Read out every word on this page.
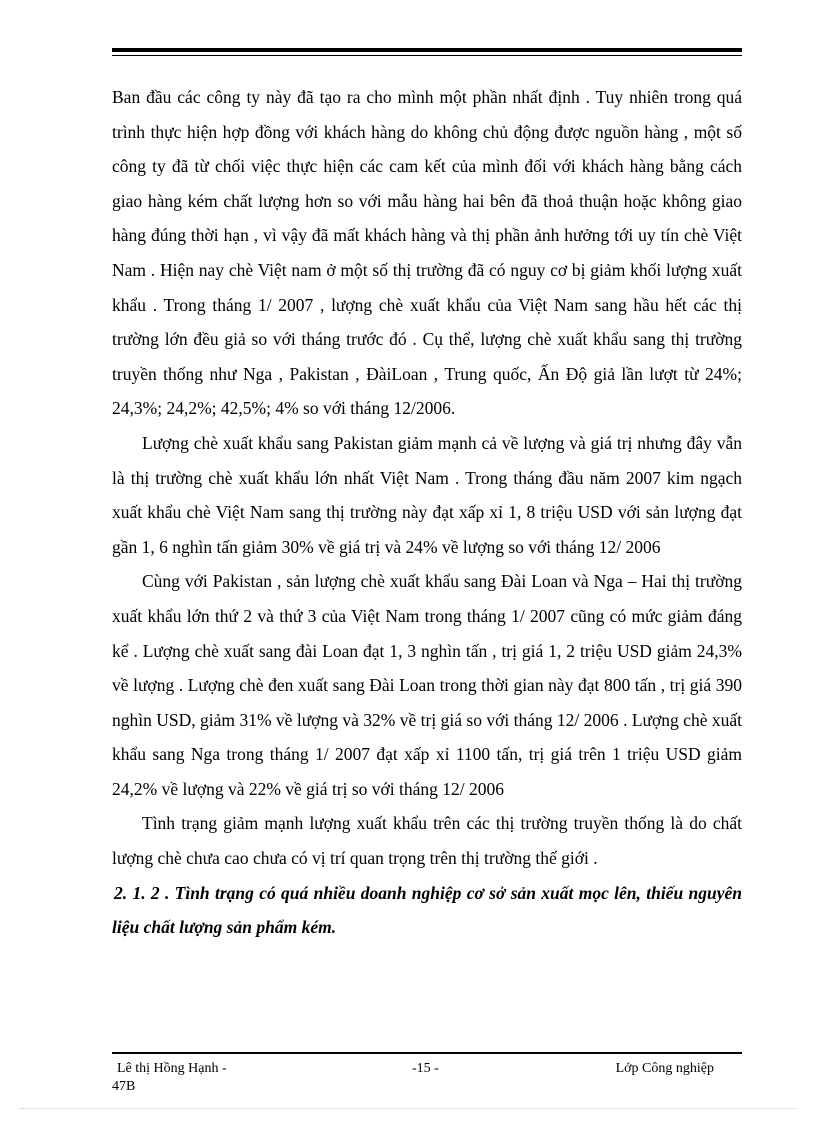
Ban đầu các công ty này đã tạo ra cho mình một phần nhất định . Tuy nhiên trong quá trình thực hiện hợp đồng với khách hàng do không chủ động được nguồn hàng , một số công ty đã từ chối việc thực hiện các cam kết của mình đối với khách hàng bằng cách giao hàng kém chất lượng hơn so với mẫu hàng hai bên đã thoả thuận hoặc không giao hàng đúng thời hạn , vì vậy đã mất khách hàng và thị phần ảnh hưởng tới uy tín chè Việt Nam . Hiện nay chè Việt nam ở một số thị trường đã có nguy cơ bị giảm khối lượng xuất khẩu . Trong tháng 1/ 2007 , lượng chè xuất khẩu của Việt Nam sang hầu hết các thị trường lớn đều giả so với tháng trước đó . Cụ thể, lượng chè xuất khẩu sang thị trường truyền thống như Nga , Pakistan , ĐàiLoan , Trung quốc, Ấn Độ giả lần lượt từ 24%; 24,3%; 24,2%; 42,5%; 4% so với tháng 12/2006.

Lượng chè xuất khẩu sang Pakistan giảm mạnh cả về lượng và giá trị nhưng đây vẫn là thị trường chè xuất khẩu lớn nhất Việt Nam . Trong tháng đầu năm 2007 kim ngạch xuất khẩu chè Việt Nam sang thị trường này đạt xấp xỉ 1, 8 triệu USD với sản lượng đạt gần 1, 6 nghìn tấn giảm 30% về giá trị và 24% về lượng so với tháng 12/ 2006

Cùng với Pakistan , sản lượng chè xuất khẩu sang Đài Loan và Nga – Hai thị trường xuất khẩu lớn thứ 2 và thứ 3 của Việt Nam trong tháng 1/ 2007 cũng có mức giảm đáng kể . Lượng chè xuất sang đài Loan đạt 1, 3 nghìn tấn , trị giá 1, 2 triệu USD giảm 24,3% về lượng . Lượng chè đen xuất sang Đài Loan trong thời gian này đạt 800 tấn , trị giá 390 nghìn USD, giảm 31% về lượng và 32% về trị giá so với tháng 12/ 2006 . Lượng chè xuất khẩu sang Nga trong tháng 1/ 2007 đạt xấp xỉ 1100 tấn, trị giá trên 1 triệu USD giảm 24,2% về lượng và 22% về giá trị so với tháng 12/ 2006

Tình trạng giảm mạnh lượng xuất khẩu trên các thị trường truyền thống là do chất lượng chè chưa cao chưa có vị trí quan trọng trên thị trường thế giới .

2. 1. 2 . Tình trạng có quá nhiều doanh nghiệp cơ sở sản xuất mọc lên, thiếu nguyên liệu chất lượng sản phẩm kém.

Lê thị Hồng Hạnh -
47B
-15 -	Lớp Công nghiệp
